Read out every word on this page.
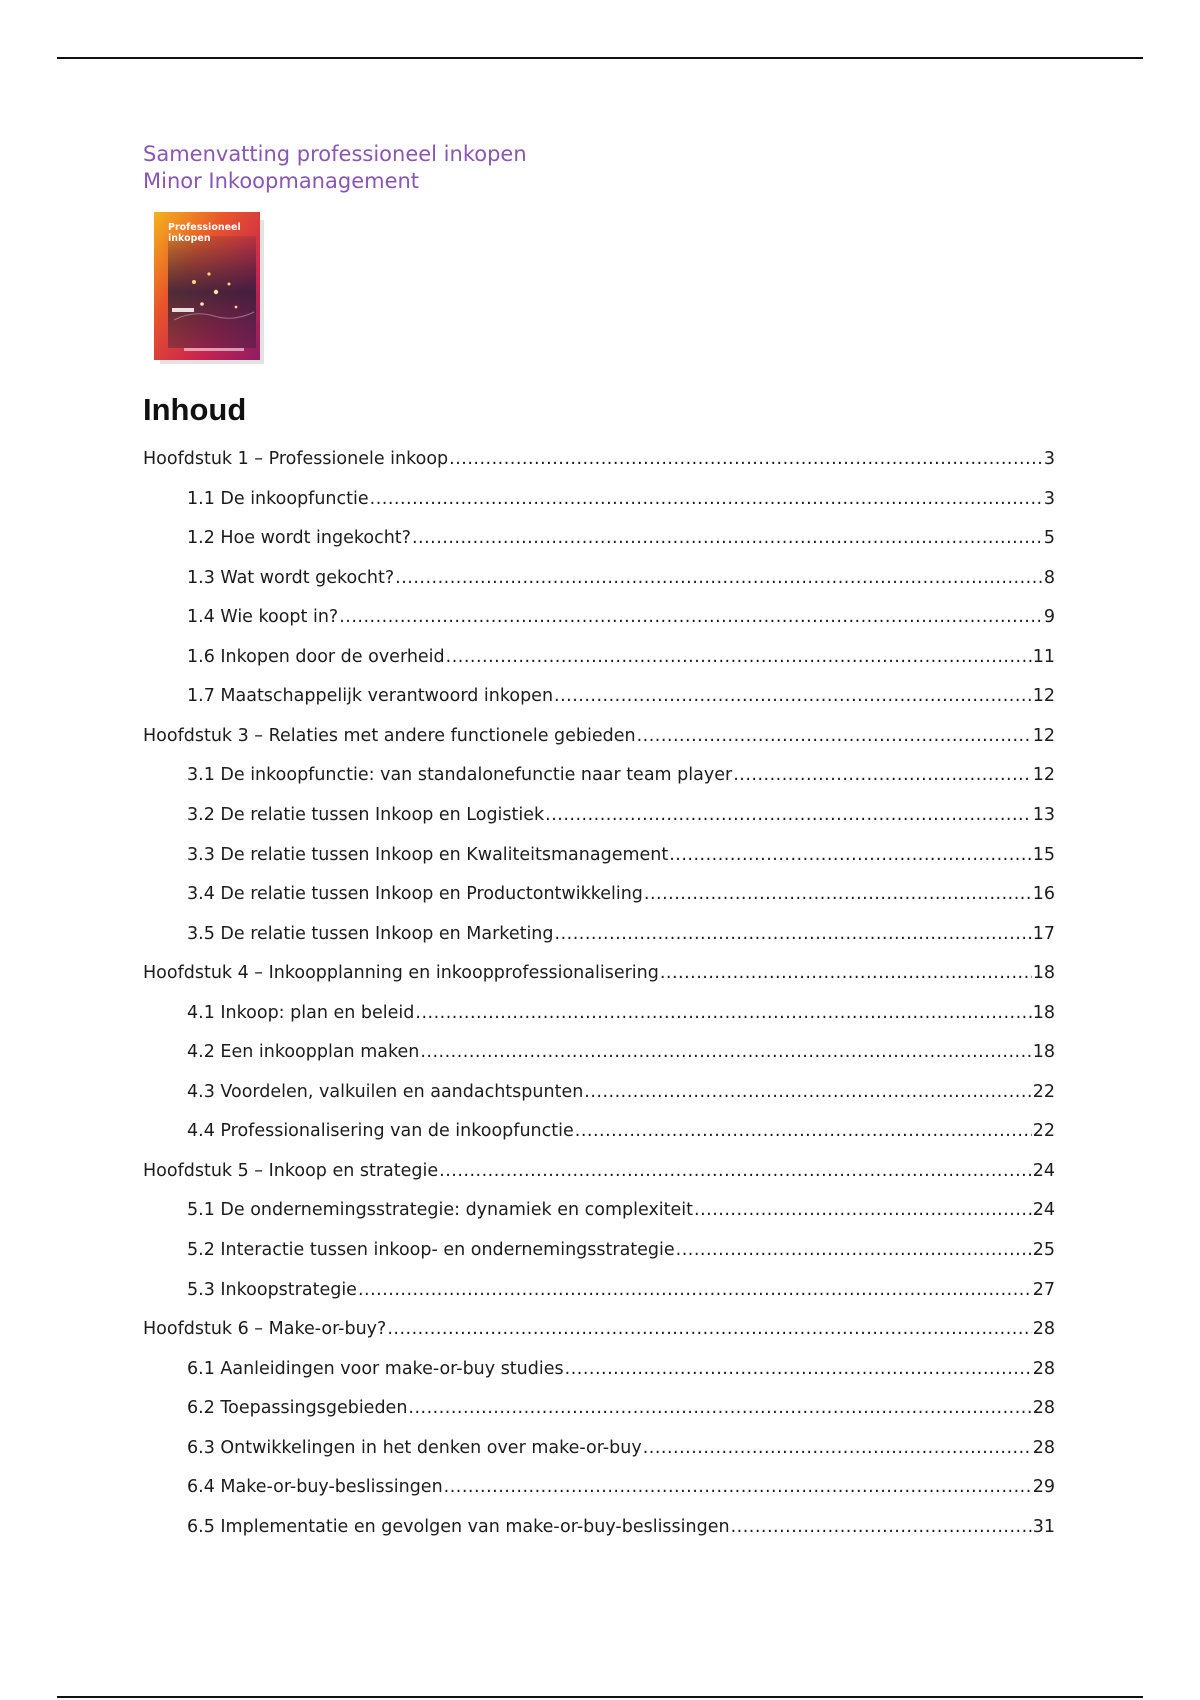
Samenvatting professioneel inkopen
Minor Inkoopmanagement
Professioneel
inkopen
Inhoud
Hoofdstuk 1 – Professionele inkoop .....	3
1.1 De inkoopfunctie .....	3
1.2 Hoe wordt ingekocht? .....	5
1.3 Wat wordt gekocht? .....	8
1.4 Wie koopt in? .....	9
1.6 Inkopen door de overheid .....	11
1.7 Maatschappelijk verantwoord inkopen .....	12
Hoofdstuk 3 – Relaties met andere functionele gebieden .....	12
3.1 De inkoopfunctie: van standalonefunctie naar team player .....	12
3.2 De relatie tussen Inkoop en Logistiek .....	13
3.3 De relatie tussen Inkoop en Kwaliteitsmanagement .....	15
3.4 De relatie tussen Inkoop en Productontwikkeling .....	16
3.5 De relatie tussen Inkoop en Marketing .....	17
Hoofdstuk 4 – Inkoopplanning en inkoopprofessionalisering .....	18
4.1 Inkoop: plan en beleid .....	18
4.2 Een inkoopplan maken .....	18
4.3 Voordelen, valkuilen en aandachtspunten .....	22
4.4 Professionalisering van de inkoopfunctie .....	22
Hoofdstuk 5 – Inkoop en strategie .....	24
5.1 De ondernemingsstrategie: dynamiek en complexiteit .....	24
5.2 Interactie tussen inkoop- en ondernemingsstrategie .....	25
5.3 Inkoopstrategie .....	27
Hoofdstuk 6 – Make-or-buy? .....	28
6.1 Aanleidingen voor make-or-buy studies .....	28
6.2 Toepassingsgebieden .....	28
6.3 Ontwikkelingen in het denken over make-or-buy .....	28
6.4 Make-or-buy-beslissingen .....	29
6.5 Implementatie en gevolgen van make-or-buy-beslissingen .....	31
